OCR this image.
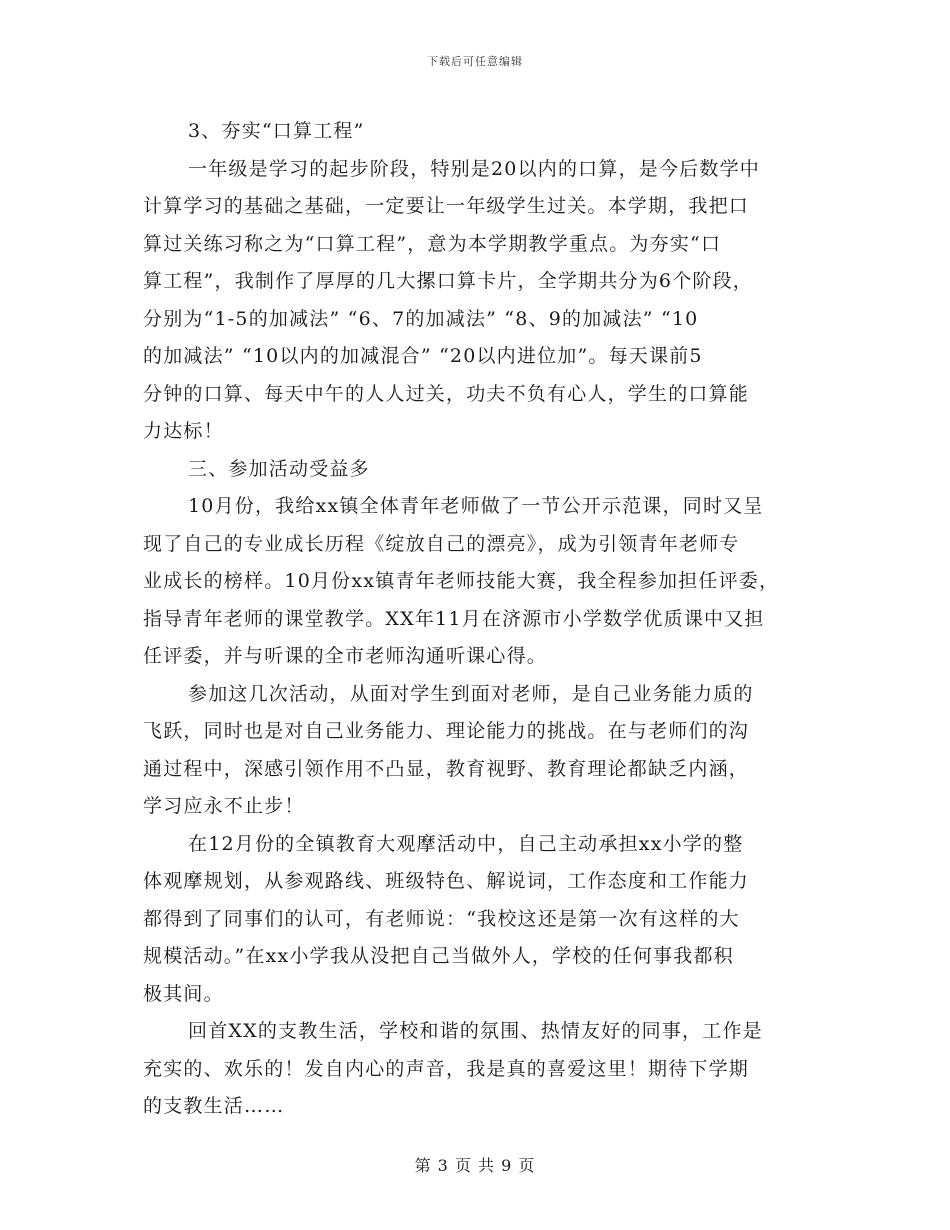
下载后可任意编辑
3、夯实“口算工程”
一年级是学习的起步阶段，特别是20以内的口算，是今后数学中
计算学习的基础之基础，一定要让一年级学生过关。本学期，我把口
算过关练习称之为“口算工程”，意为本学期教学重点。为夯实“口
算工程”，我制作了厚厚的几大摞口算卡片，全学期共分为6个阶段，
分别为“1-5的加减法” “6、7的加减法” “8、9的加减法” “10
的加减法” “10以内的加减混合” “20以内进位加”。每天课前5
分钟的口算、每天中午的人人过关，功夫不负有心人，学生的口算能
力达标！
三、参加活动受益多
10月份，我给xx镇全体青年老师做了一节公开示范课，同时又呈
现了自己的专业成长历程《绽放自己的漂亮》，成为引领青年老师专
业成长的榜样。10月份xx镇青年老师技能大赛，我全程参加担任评委，
指导青年老师的课堂教学。XX年11月在济源市小学数学优质课中又担
任评委，并与听课的全市老师沟通听课心得。
参加这几次活动，从面对学生到面对老师，是自己业务能力质的
飞跃，同时也是对自己业务能力、理论能力的挑战。在与老师们的沟
通过程中，深感引领作用不凸显，教育视野、教育理论都缺乏内涵，
学习应永不止步！
在12月份的全镇教育大观摩活动中，自己主动承担xx小学的整
体观摩规划，从参观路线、班级特色、解说词，工作态度和工作能力
都得到了同事们的认可，有老师说：“我校这还是第一次有这样的大
规模活动。”在xx小学我从没把自己当做外人，学校的任何事我都积
极其间。
回首XX的支教生活，学校和谐的氛围、热情友好的同事，工作是
充实的、欢乐的！发自内心的声音，我是真的喜爱这里！期待下学期
的支教生活……
第 3 页 共 9 页
